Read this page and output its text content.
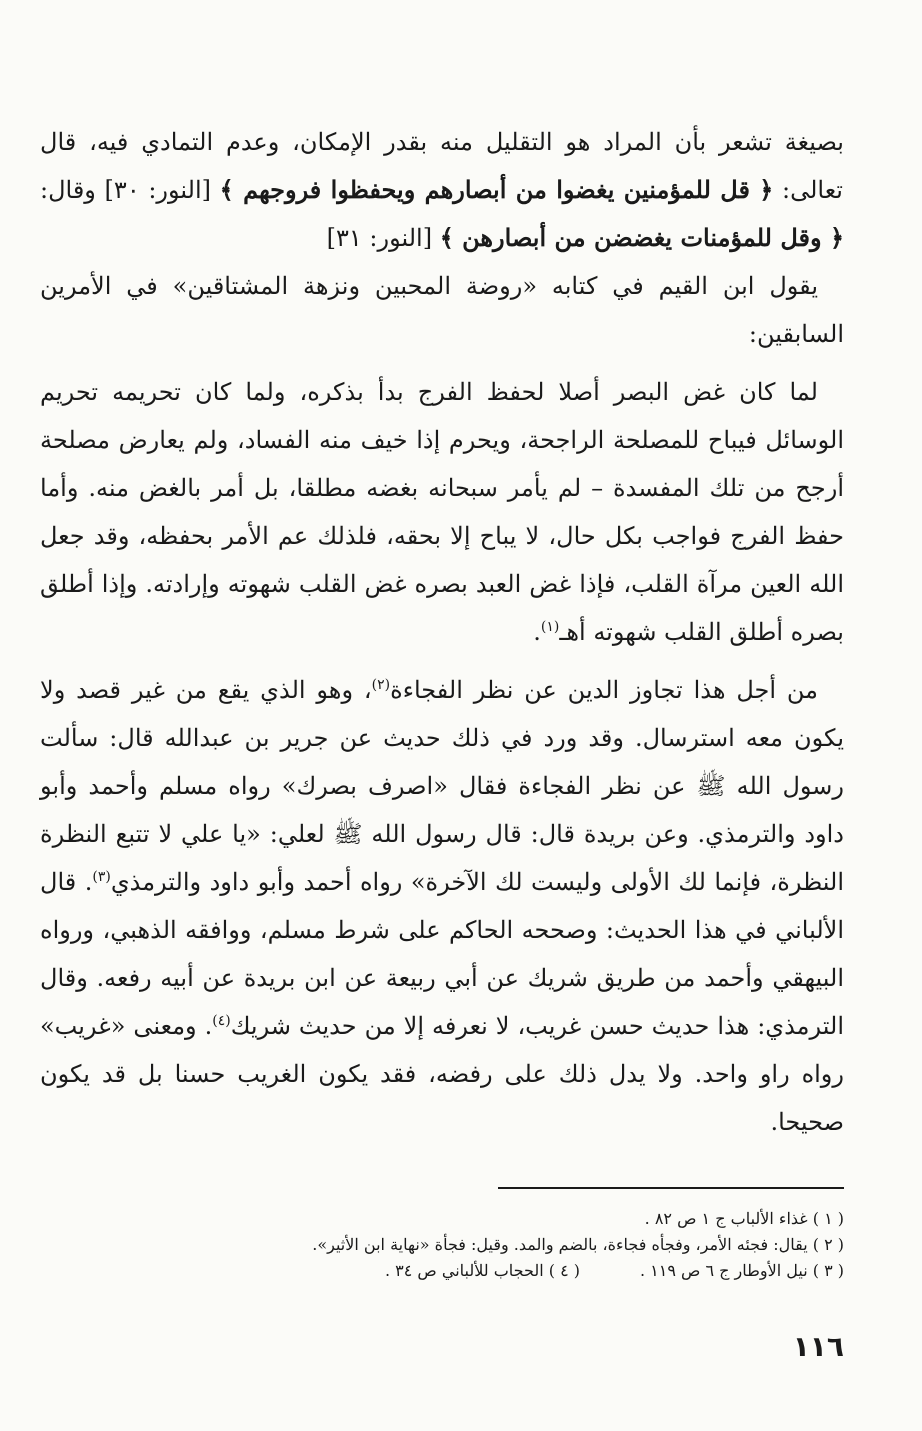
بصيغة تشعر بأن المراد هو التقليل منه بقدر الإمكان، وعدم التمادي فيه، قال تعالى: ﴿ قل للمؤمنين يغضوا من أبصارهم ويحفظوا فروجهم ﴾ [النور: ٣٠] وقال: ﴿ وقل للمؤمنات يغضضن من أبصارهن ﴾ [النور: ٣١]

يقول ابن القيم في كتابه «روضة المحبين ونزهة المشتاقين» في الأمرين السابقين:

لما كان غض البصر أصلا لحفظ الفرج بدأ بذكره، ولما كان تحريمه تحريم الوسائل فيباح للمصلحة الراجحة، ويحرم إذا خيف منه الفساد، ولم يعارض مصلحة أرجح من تلك المفسدة – لم يأمر سبحانه بغضه مطلقا، بل أمر بالغض منه. وأما حفظ الفرج فواجب بكل حال، لا يباح إلا بحقه، فلذلك عم الأمر بحفظه، وقد جعل الله العين مرآة القلب، فإذا غض العبد بصره غض القلب شهوته وإرادته. وإذا أطلق بصره أطلق القلب شهوته أهـ$^{(١)}$.

من أجل هذا تجاوز الدين عن نظر الفجاءة$^{(٢)}$، وهو الذي يقع من غير قصد ولا يكون معه استرسال. وقد ورد في ذلك حديث عن جرير بن عبدالله قال: سألت رسول الله ﷺ عن نظر الفجاءة فقال «اصرف بصرك» رواه مسلم وأحمد وأبو داود والترمذي. وعن بريدة قال: قال رسول الله ﷺ لعلي: «يا علي لا تتبع النظرة النظرة، فإنما لك الأولى وليست لك الآخرة» رواه أحمد وأبو داود والترمذي$^{(٣)}$. قال الألباني في هذا الحديث: وصححه الحاكم على شرط مسلم، ووافقه الذهبي، ورواه البيهقي وأحمد من طريق شريك عن أبي ربيعة عن ابن بريدة عن أبيه رفعه. وقال الترمذي: هذا حديث حسن غريب، لا نعرفه إلا من حديث شريك$^{(٤)}$. ومعنى «غريب» رواه راو واحد. ولا يدل ذلك على رفضه، فقد يكون الغريب حسنا بل قد يكون صحيحا.

( ١ ) غذاء الألباب ج ١ ص ٨٢ .
( ٢ ) يقال: فجئه الأمر، وفجأه فجاءة، بالضم والمد. وقيل: فجأة «نهاية ابن الأثير».
( ٣ ) نيل الأوطار ج ٦ ص ١١٩ .
( ٤ ) الحجاب للألباني ص ٣٤ .
١١٦
